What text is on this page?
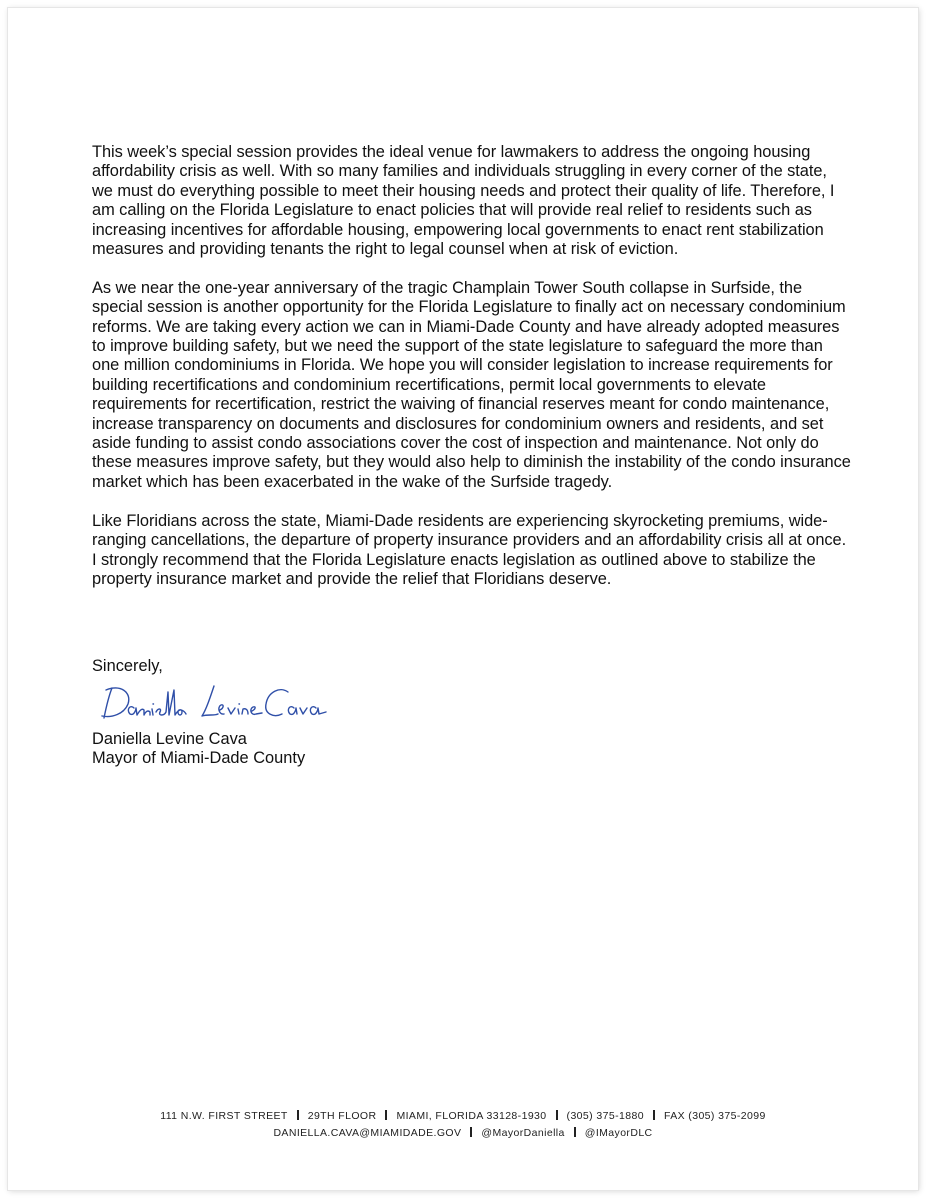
This week’s special session provides the ideal venue for lawmakers to address the ongoing housing affordability crisis as well. With so many families and individuals struggling in every corner of the state, we must do everything possible to meet their housing needs and protect their quality of life. Therefore, I am calling on the Florida Legislature to enact policies that will provide real relief to residents such as increasing incentives for affordable housing, empowering local governments to enact rent stabilization measures and providing tenants the right to legal counsel when at risk of eviction.

As we near the one-year anniversary of the tragic Champlain Tower South collapse in Surfside, the special session is another opportunity for the Florida Legislature to finally act on necessary condominium reforms. We are taking every action we can in Miami-Dade County and have already adopted measures to improve building safety, but we need the support of the state legislature to safeguard the more than one million condominiums in Florida. We hope you will consider legislation to increase requirements for building recertifications and condominium recertifications, permit local governments to elevate requirements for recertification, restrict the waiving of financial reserves meant for condo maintenance, increase transparency on documents and disclosures for condominium owners and residents, and set aside funding to assist condo associations cover the cost of inspection and maintenance. Not only do these measures improve safety, but they would also help to diminish the instability of the condo insurance market which has been exacerbated in the wake of the Surfside tragedy.

Like Floridians across the state, Miami-Dade residents are experiencing skyrocketing premiums, wide-ranging cancellations, the departure of property insurance providers and an affordability crisis all at once. I strongly recommend that the Florida Legislature enacts legislation as outlined above to stabilize the property insurance market and provide the relief that Floridians deserve.

Sincerely,
Daniella Levine Cava
Mayor of Miami-Dade County
111 N.W. FIRST STREET 29TH FLOOR MIAMI, FLORIDA 33128-1930 (305) 375-1880 FAX (305) 375-2099
DANIELLA.CAVA@MIAMIDADE.GOV @MayorDaniella @IMayorDLC
